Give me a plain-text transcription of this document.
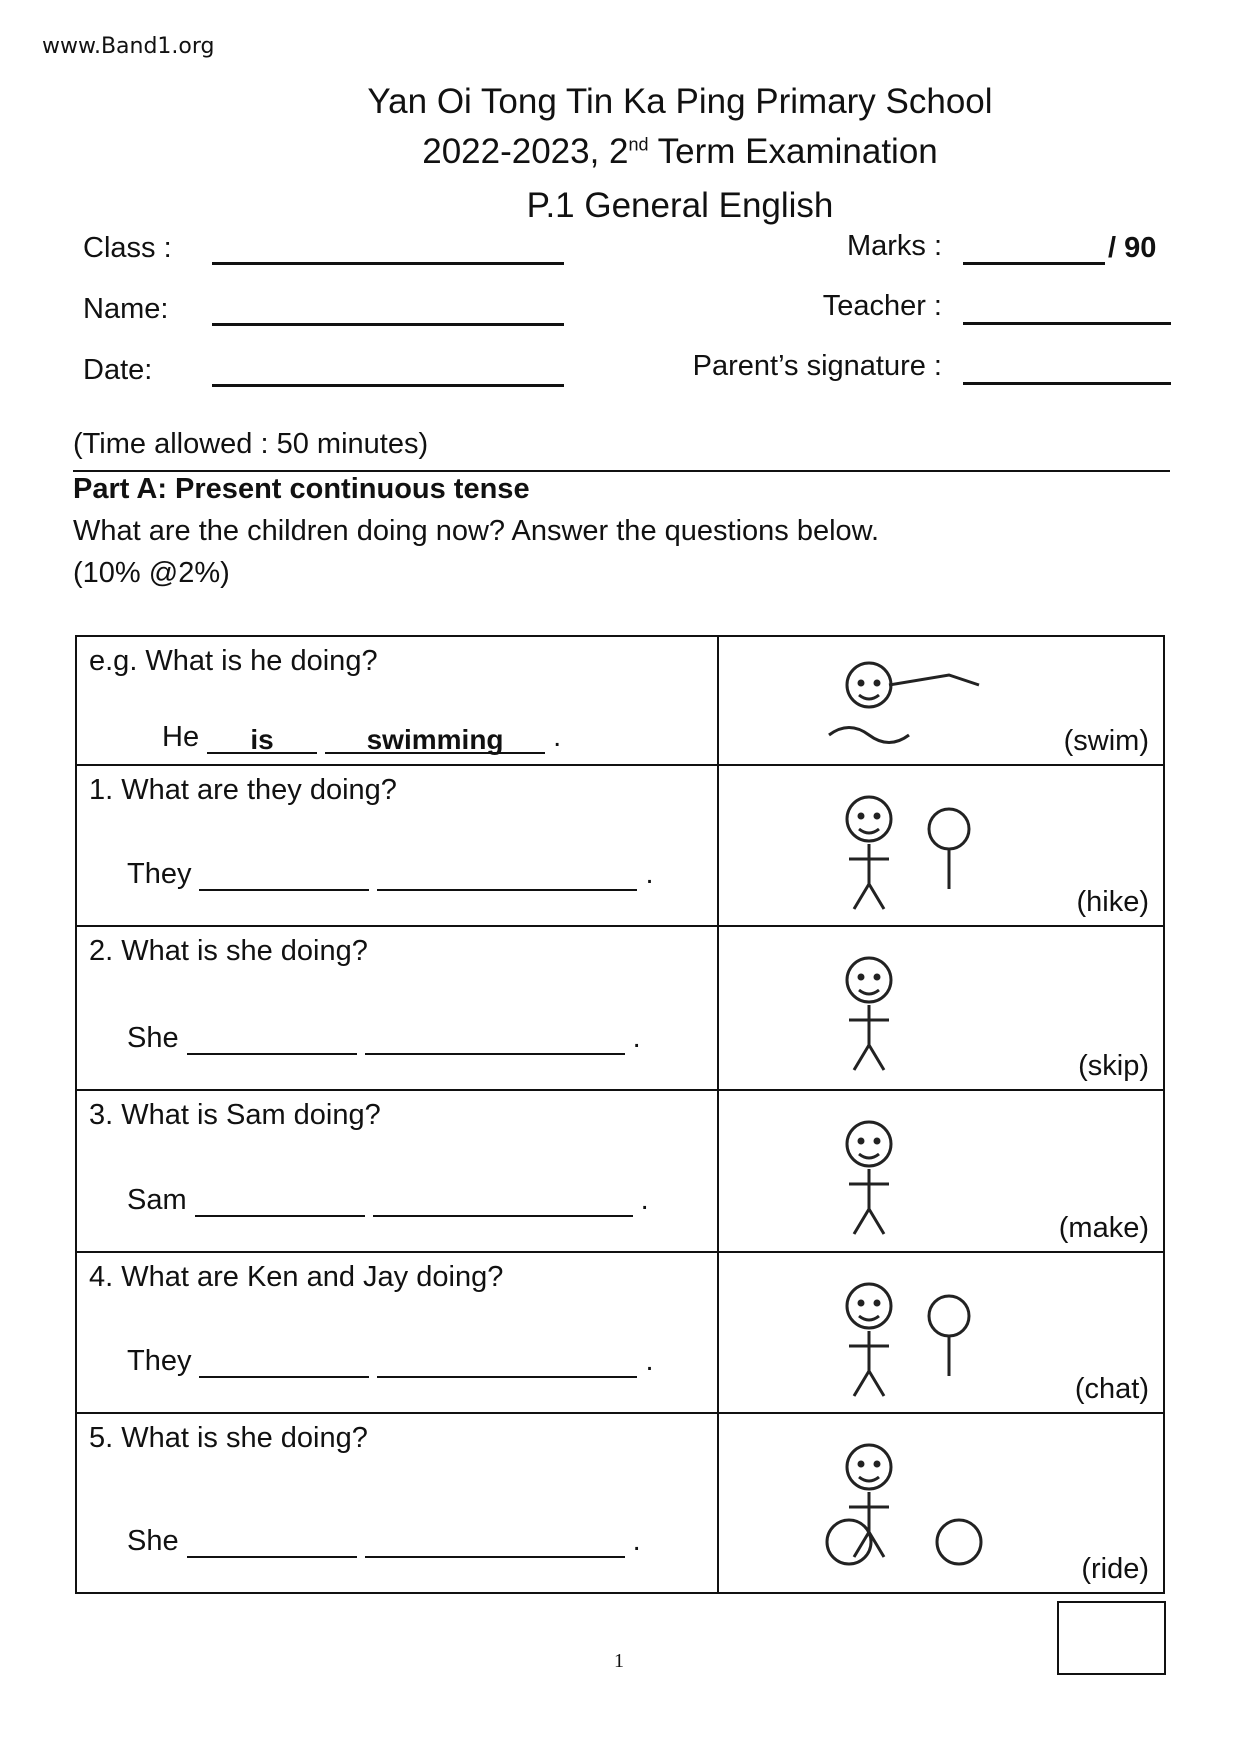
www.Band1.org
Yan Oi Tong Tin Ka Ping Primary School
2022-2023, 2nd Term Examination
P.1 General English
Class :
Name:
Date:
Marks :	/ 90
Teacher :
Parent’s signature :
(Time allowed : 50 minutes)
Part A: Present continuous tense
What are the children doing now? Answer the questions below.
(10% @2%)
e.g. What is he doing?
He is swimming .	(swim)

1. What are they doing?
They .	(hike)

2. What is she doing?
She .	(skip)

3. What is Sam doing?
Sam .	(make)

4. What are Ken and Jay doing?
They .	(chat)

5. What is she doing?
She .	(ride)
1
